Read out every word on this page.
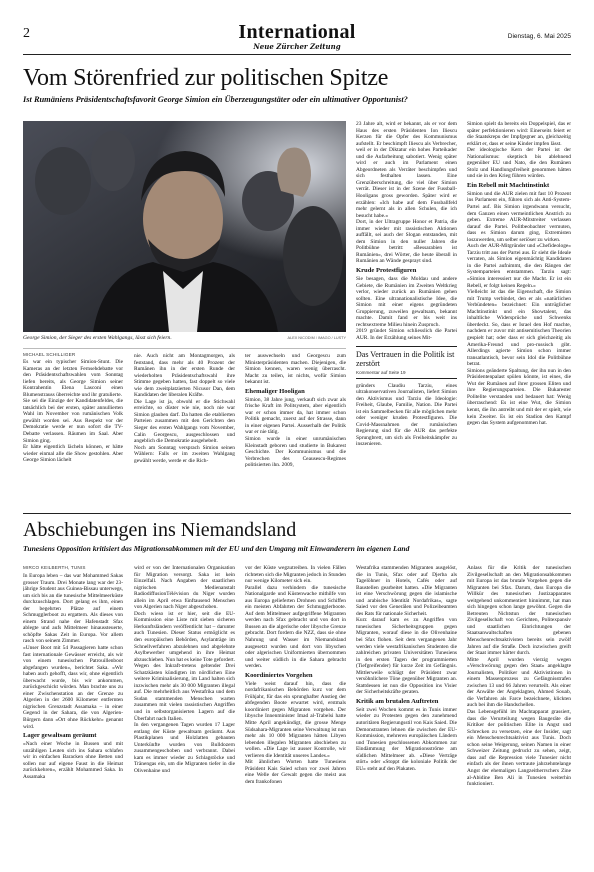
2	International
Neue Zürcher Zeitung
Dienstag, 6. Mai 2025
Vom Störenfried zur politischen Spitze

Ist Rumäniens Präsidentschaftsfavorit George Simion ein Überzeugungstäter oder ein ultimativer Opportunist?

George Simion, der Sieger des ersten Wahlgangs, lässt sich feiern.	ALEX NICODIM / IMAGO / LUSTY
MICHAEL SCHILLIGER
Es war ein typischer Simion-Stunt. Die Kameras an der letzten Fernsehdebatte vor den Präsidentschaftswahlen vom Sonntag liefen bereits, als George Simion seiner Kontrahentin Elena Lasconi einen Blumenstrauss überreichte und ihr gratulierte.
Sie sei die Einzige der Kandidatenfeldes, die tatsächlich bei der ersten, später annullierten Wahl im November von rumänischen Volk gewählt worden sei. Aus Respekt vor der Demokratie werde er nun sofort die TV-Debatte verlassen. Räumen im Saal. Aber Simion ging.
Er hätte eigentlich lächeln können, er hätte wieder einmal alle die Show gestohlen. Aber George Simion lächelt
nie. Auch nicht am Montagmorgen, als feststand, dass mehr als 40 Prozent der Rumänen ihn in der ersten Runde der wiederholten Präsidentschaftswahl ihre Stimme gegeben hatten, fast doppelt so viele wie dem zweitplatzierten Nicusor Dan, dem Kandidaten der liberalen Kräfte.
Die Lage ist ja, obwohl er die Stichwahl erreichte, so düster wie nie, noch nie war Simion glauben darf. Da hatten die etablierten Parteien zusammen mit den Gerichten den Sieger des ersten Wahlgangs vom November, Calin Georgescu, ausgeschlossen und angeblich die Demokratie ausgehebelt.
Noch am Sonntag versprach Simion seinen Wählern: Falls er im zweiten Wahlgang gewählt werde, werde er die Rich-
ter auswechseln und Georgescu zum Ministerpräsidenten machen. Diejenigen, die Simion kennen, waren wenig überrascht. Macht zu teilen, ist nichts, wofür Simion bekannt ist.
Ehemaliger Hooligan
Simion, 38 Jahre jung, verkauft sich zwar als frische Kraft im Politsystem, aber eigentlich war er schon immer da, hat immer schon Politik gemacht, zuerst auf der Strasse, dann in einer eigenen Partei. Ausserhalb der Politik war er nie tätig.
Simion wurde in einer unrumänischen Kleinstadt geboren und studierte in Bukarest Geschichte. Der Kommunismus und die Verbrechen des Ceausescu-Regimes politisierten ihn. 2009,
23 Jahre alt, wird er bekannt, als er vor dem Haus des ersten Präsidenten Ion Iliescu Kerzen für die Opfer des Kommunismus aufstellt. Er beschimpft Iliescu als Verbrecher, weil er in der Diktatur ein hohes Parteikader und die Aufarbeitung sabotiert. Wenig später wird er auch im Parlament einen Abgeordneten als Verräter beschimpfen und sich festhalten lassen. Eine Grenzüberschreitung, die viel über Simion verrät. Dieser ist in der Szene der Fussball-Hooligans gross geworden. Später wird er erzählen: «Ich habe auf dem Fussballfeld mehr gelernt als in allen Schulen, die ich besucht habe.»
Dort, in der Ultragruppe Honor et Patria, die immer wieder mit rassistischen Aktionen auffällt, sei auch der Slogan entstanden, mit dem Simion in den nuller Jahren die Politbühne betritt: «Bessarabien ist Rumänien», drei Wörter, die heute überall in Rumänien an Wände gesprayt sind.
Krude Protestfiguren
Sie besagen, dass die Moldau und andere Gebiete, die Rumänien im Zweiten Weltkrieg verlor, wieder zurück an Rumänien gehen sollten. Eine ultranationalistische Idee, die Simion mit einer eigens gegründeten Gruppierung, zuweilen gewaltsam, bekannt machte. Damit fand er bis weit ins rechtsextreme Milieu hinein Zuspruch.
2019 gründet Simion schliesslich die Partei AUR. In der Erzählung seines Mit-
Das Vertrauen in die Politik ist zerstört
Kommentar auf Seite 19
gründers Claudiu Tarziu, eines ultrakonservativen Journalisten, liefert Simion den Aktivismus und Tarziu die Ideologie: Freiheit, Glaube, Familie, Nation. Die Partei ist ein Sammelbecken für alle möglichen mehr oder weniger kruden Protestfiguren. Die Covid-Massnahmen der rumänischen Regierung sind für die AUR das perfekte Sprungbrett, um sich als Freiheitskämpfer zu inszenieren.
Simion spielt da bereits ein Doppelspiel, das er später perfektionieren wird: Einerseits feiert er die Staatskrepu der Impfgegner an, gleichzeitig erklärt er, dass er seine Kinder impfen lässt.
Der ideologische Kern der Partei ist der Nationalismus: skeptisch bis ablehnend gegenüber EU und Nato, die den Rumänen Stolz und Handlungsfreiheit genommen hätten und sie in den Krieg führen würden.
Ein Rebell mit Machtinstinkt
Simion und die AUR zielen mit fast 10 Prozent ins Parlament ein, führen sich als Anti-System-Partei auf. Bis Simion irgendwann versucht, dem Ganzen einen vermeintlichen Anstrich zu geben. Extreme AUR-Mitstreiter verlassen darauf die Partei. Politbeobachter vermuten, dass es Simion darum ging, Extremisten loszuwerden, um selber seriöser zu wirken.
Auch der AUR-Mitgründer und «Chefideologe» Tarziu tritt aus der Partei aus. Er sieht die Ideale verraten, als Simion eigenmächtig Kandidaten in die Partei aufnimmt, die den Rängen der Systemparteien entstammen. Tarziu sagt: «Simion interessiert nur die Macht. Er ist ein Rebell, er folgt keinen Regeln.»
Vielleicht ist das die Eigenschaft, die Simion mit Trump verbindet, den er als «natürlichen Verbündeten» bezeichnet: Ein untrüglicher Machtinstinkt und ein Showtalent, das inhaltliche Widersprüche und Schwenks überdeckt. So, dass er Israel den Hof machte, nachdem er zuvor mit antisemitischen Theorien gespielt hat; oder dass er sich gleichzeitig als Amerika-Freund und pro-russisch gibt. Allerdings agierte Simion schon immer transatlantisch, bevor sein Idol die Politbühne betrat.
Simions geänderte Spaltung, der ihn nun in den Präsidentenpalast spülen könnte, ist eines, die Wut der Rumänen auf ihrer grossen Eliten und ihre Regierungsparteien. Die Bukarester Politelite verstanden und bedauert hat: Wenig überraschend: Es ist eine Wut, die Simion kennt, die ihn antreibt und mit der er spielt, wie kein Zweiter. Es ist ein Stadion den Kampf gegen das System aufgenommen hat.
Abschiebungen ins Niemandsland

Tunesiens Opposition kritisiert das Migrationsabkommen mit der EU und den Umgang mit Einwanderern im eigenen Land

MIRCO KEILBERTH, TUNIS
In Europa leben – das war Mohammed Sakas grosser Traum. Drei Monate lang war der 23-jährige Student aus Guinea-Bissau unterwegs, um sich bis an die tunesische Mittelmeerküste durchzuschlagen. Dort gelang es ihm, einen der begehrten Plätze auf einem Schmugglerboot zu ergattern. Als dieses von einem Strand nahe der Hafenstadt Sfax ablegte und aufs Mittelmeer hinaussteuerte, schöpfte Sakas Zeit in Europa. Vor allem rasch von seinem Zimmer.
«Unser Boot mit 54 Passagieren hatte schon fast internationale Gewässer erreicht, als wir von einem tunesischen Patrouillenboot abgefangen wurden», berichtet Saka. «Wir haben auch gehofft, dass wir, ohne eigentlich überwacht wurde, bis wir ankommen, zurückgeschickt würden. Man brachte uns zu einer Zwischenstation an der Grenze zu Algerien in der 2600 Kilometer entfernten nigrischen Grenzstadt Assamaka – in einer Gegend in der Sahara, die von Algerien-Bürgern dann «Ort ohne Rückkehr» genannt wird.
Lager gewaltsam geräumt
«Nach einer Woche in Bussen und mit unzähligen Leuten sich ins Sahara schlafen wir in einfachen Baracken ohne Betten und sollen nur auf eigene Faust in die Heimat zurückkehren», erzählt Mohammed Saka. In Assamaka
wird er von der Internationalen Organisation für Migration versorgt. Saka ist kein Einzelfall. Nach Angaben der staatlichen nigrischen Medienanstalt RadiodiffusionTélévision du Niger wurden allein im April etwa fünftausend Menschen von Algerien nach Niger abgeschoben.
Doch wieso ist er hier, seit die EU-Kommission eine Liste mit sieben sicheren Herkunftsländern veröffentlicht hat – darunter auch Tunesien. Dieser Status ermöglicht es den europäischen Behörden, Asylanträge im Schnellverfahren abzulehnen und abgelehnte Asylbewerber umgehend in ihre Heimat abzuschieben. Nun hat es keine Tote gefordert. Wegen des Inkraft-tretens geltender Drei Schatzkästen kündigten im nördlichen Eine weitere Kriminalisierung, im Land halten sich inzwischen mehr als 30 000 Migranten illegal auf. Die mehrheitlich aus Westafrika und dem Sudan stammenden Menschen warten zusammen mit vielen rassistischen Angriffen und in selbstorganisierten Lagern auf die Überfahrt nach Italien.
In den vergangenen Tagen wurden 17 Lager entlang der Küste gewaltsam geräumt. Aus Plastikplanen und Holzlatten gebauten Unterkünfte wurden von Bulldozern zusammengeschoben und verbrannt. Dabei kam es immer wieder zu Schlagstöcke und Tränengas ein, um die Migranten tiefer in die Olivenhaine und
vor der Küste wegzutreiben. In vielen Fällen richteten sich die Migranten jedoch in Stunden nur wenige Kilometer sich ein.
Parallel dazu verhindern die tunesische Nationalgarde und Küstenwache mithilfe von aus Europa gelieferten Drohnen und Schiffen ein meisten Abfahrten der Schmugglerboote. Auf dem Mittelmeer aufgegriffene Migranten werden nach Sfax gebracht und von dort in Bussen an die algerische oder libysche Grenze gebracht. Dort fordern die NZZ, dass sie ohne Nahrung und Wasser im Niemandsland ausgesetzt wurden und dort von libyschen oder algerischen Uniformierten übernommen und weiter südlich in die Sahara gebracht werden.
Koordiniertes Vorgehen
Viele weist darauf hin, dass die nordafrikanischen Behörden kurz vor dem Frühjahr, für das ein sprunghafter Anstieg der abfegenden Boote erwartet wird, erstmals koordiniert gegen Migranten vorgehen. Der libysche Innenminister Imad al-Trabelsi hatte Mitte April angekündigt, die grosse Menge Südsahara-Migranten seine Verwaltung ist nun mehr als 10 000 Migranten hätten Libyen lebenden illegalen Migranten abschieben zu wollen. «Die Lage ist ausser Kontrolle, wir verlieren die Identität unseres Landes.»
Mit ähnlichen Worten hatte Tunesiens Präsident Kais Saied schon vor zwei Jahren eine Welle der Gewalt gegen die meist aus dem frankofonen
Westafrika stammenden Migranten ausgelöst, die in Tunis, Sfax oder auf Djerba als Tagelöhner in Hotels, Cafés oder auf Baustellen gearbeitet hatten. «Die Migranten ist eine Verschwörung gegen die islamische und arabische Identität Nordafrikas», sagte Saied vor den Generälen und Polizeibeamten des Rats für nationale Sicherheit.
Kurz darauf kam es zu Angriffen von tunesischen Sicherheitsgruppen gegen Migranten, worauf diese in die Olivenhaine bei Sfax flohen. Seit dem vergangenen Jahr werden viele westafrikanischen Studenten die zahlreichen privaten Universitäten Tunesiens in den ersten Tagen der programmierten (Tiefgreifender) für kurze Zeit im Gefängnis. Mittlerweile schlägt der Präsident zwar versöhnlichere Töne gegenüber Migranten an. Stattdessen ist nun die Opposition ins Visier der Sicherheitskräfte geraten.
Kritik am brutalen Auftreten
Seit zwei Wochen kommt es in Tunis immer wieder zu Protesten gegen den zunehmend autoritären Regierungsstil von Kais Saied. Die Demonstranten lehnen die zwischen der EU-Kommission, mehreren europäischen Ländern und Tunesien geschlossenen Abkommen zur Eindämmung der Migrationsströme am südlichen Mittelmeer ab. «Diese Verträge stört» oder «Stoppt die koloniale Politik der EU» steht auf den Plakaten.
Anlass für die Kritik der tunesischen Zivilgesellschaft an den Migrationsabkommen mit Europa ist das brutale Vorgehen gegen die Migranten bei Sfax. Darum, dass Europa die Willkür des tunesischen Justizapparates weitgehend unkommentiert hinnimmt, hat man sich hingegen schon lange gewöhnt. Gegen die Betreuten Nichtstun der tunesischen Zivilgesellschaft von Gerichten, Politexpansiv und staatlichen Einrichtungen der Staatsanwaltschaften gebenen Menschenrechtsaktivisten bereits sein zwölf Jahren auf die Straße. Doch inzwischen greift der Staat immer härter durch.
Mitte April wurden vierzig wegen «Verschwörung gegen den Staat» angeklagte Journalisten, Politiker und Aktivistinnen in einem Massenprozess zu Gefängnisstrafen zwischen 13 und 66 Jahren verurteilt. Als einer der Anwälte der Angeklagten, Ahmed Souab, die Verfahren als Farce bezeichnete, klickten auch bei ihm die Handschellen.
Das Lebensgefühl im Machtapparat grassiert, dass die Verurteilung wegen Baugeräte die Kritiker der politischen Elite in Angst und Schrecken zu versetzen, eine der Insider, sagt ein Menschenrechtsaktivist aus Tunis. Doch schon seine Weigerung, seinen Namen in einer Schweizer Zeitung gedruckt zu sehen, zeigt, dass auf die Repression viele Tunesier nicht einfach als der ihnen vertraute jahrzehntelange Angst der ehemaligen Langzeitherrschers Zine al-Abidine Ben Ali in Tunesien weiterhin funktioniert.
